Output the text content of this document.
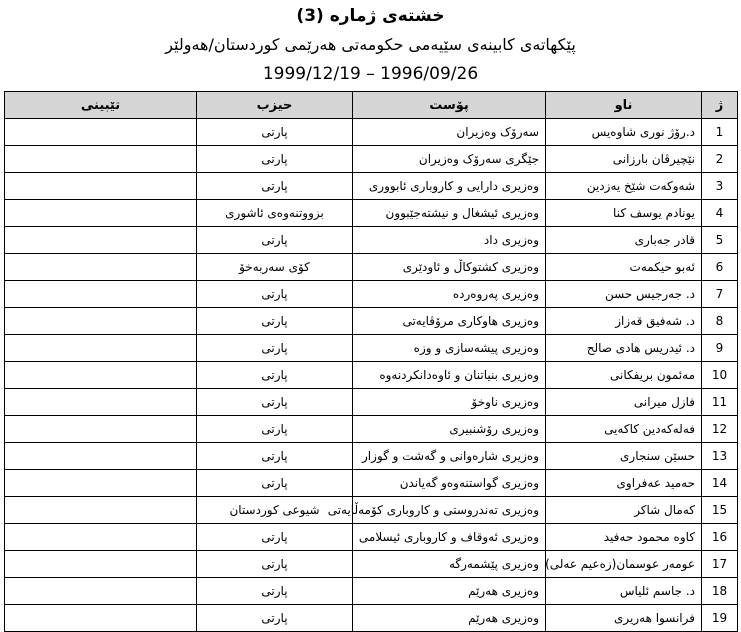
خشتەی ژمارە (3)
پێکهاتەی کابینەی سێیەمی حکومەتی هەرێمی کوردستان/هەولێر
1999/12/19 – 1996/09/26
ژ	ناو	پۆست	حیزب	تێبینی
1	د.رۆژ نوری شاوەیس	سەرۆک وەزیران	پارتی	
2	نێچیرڤان بارزانی	جێگری سەرۆک وەزیران	پارتی	
3	شەوکەت شێخ یەزدین	وەزیری دارایی و کاروباری ئابووری	پارتی	
4	یونادم یوسف کنا	وەزیری ئیشغال و نیشتەجێبوون	بزووتنەوەی ئاشوری	
5	قادر جەباری	وەزیری داد	پارتی	
6	ئەبو حیکمەت	وەزیری کشتوکاڵ و ئاودێری	کۆی سەربەخۆ	
7	د. جەرجیس حسن	وەزیری پەروەردە	پارتی	
8	د. شەفیق قەزاز	وەزیری هاوکاری مرۆڤایەتی	پارتی	
9	د. ئیدریس هادی صالح	وەزیری پیشەسازی و وزە	پارتی	
10	مەئمون بریفکانی	وەزیری بنیاتنان و ئاوەدانکردنەوە	پارتی	
11	فازل میرانی	وەزیری ناوخۆ	پارتی	
12	فەلەکەدین کاکەیی	وەزیری رۆشنبیری	پارتی	
13	حسێن سنجاری	وەزیری شارەوانی و گەشت و گوزار	پارتی	
14	حەمید عەفراوی	وەزیری گواستنەوەو گەیاندن	پارتی	
15	کەمال شاکر	وەزیری تەندروستی و کاروباری کۆمەڵایەتی	شیوعی کوردستان	
16	کاوە محمود حەفید	وەزیری ئەوقاف و کاروباری ئیسلامی	پارتی	
17	عومەر عوسمان(زەعیم عەلی)	وەزیری پێشمەرگە	پارتی	
18	د. جاسم ئلیاس	وەزیری هەرێم	پارتی	
19	فرانسوا هەریری	وەزیری هەرێم	پارتی	
